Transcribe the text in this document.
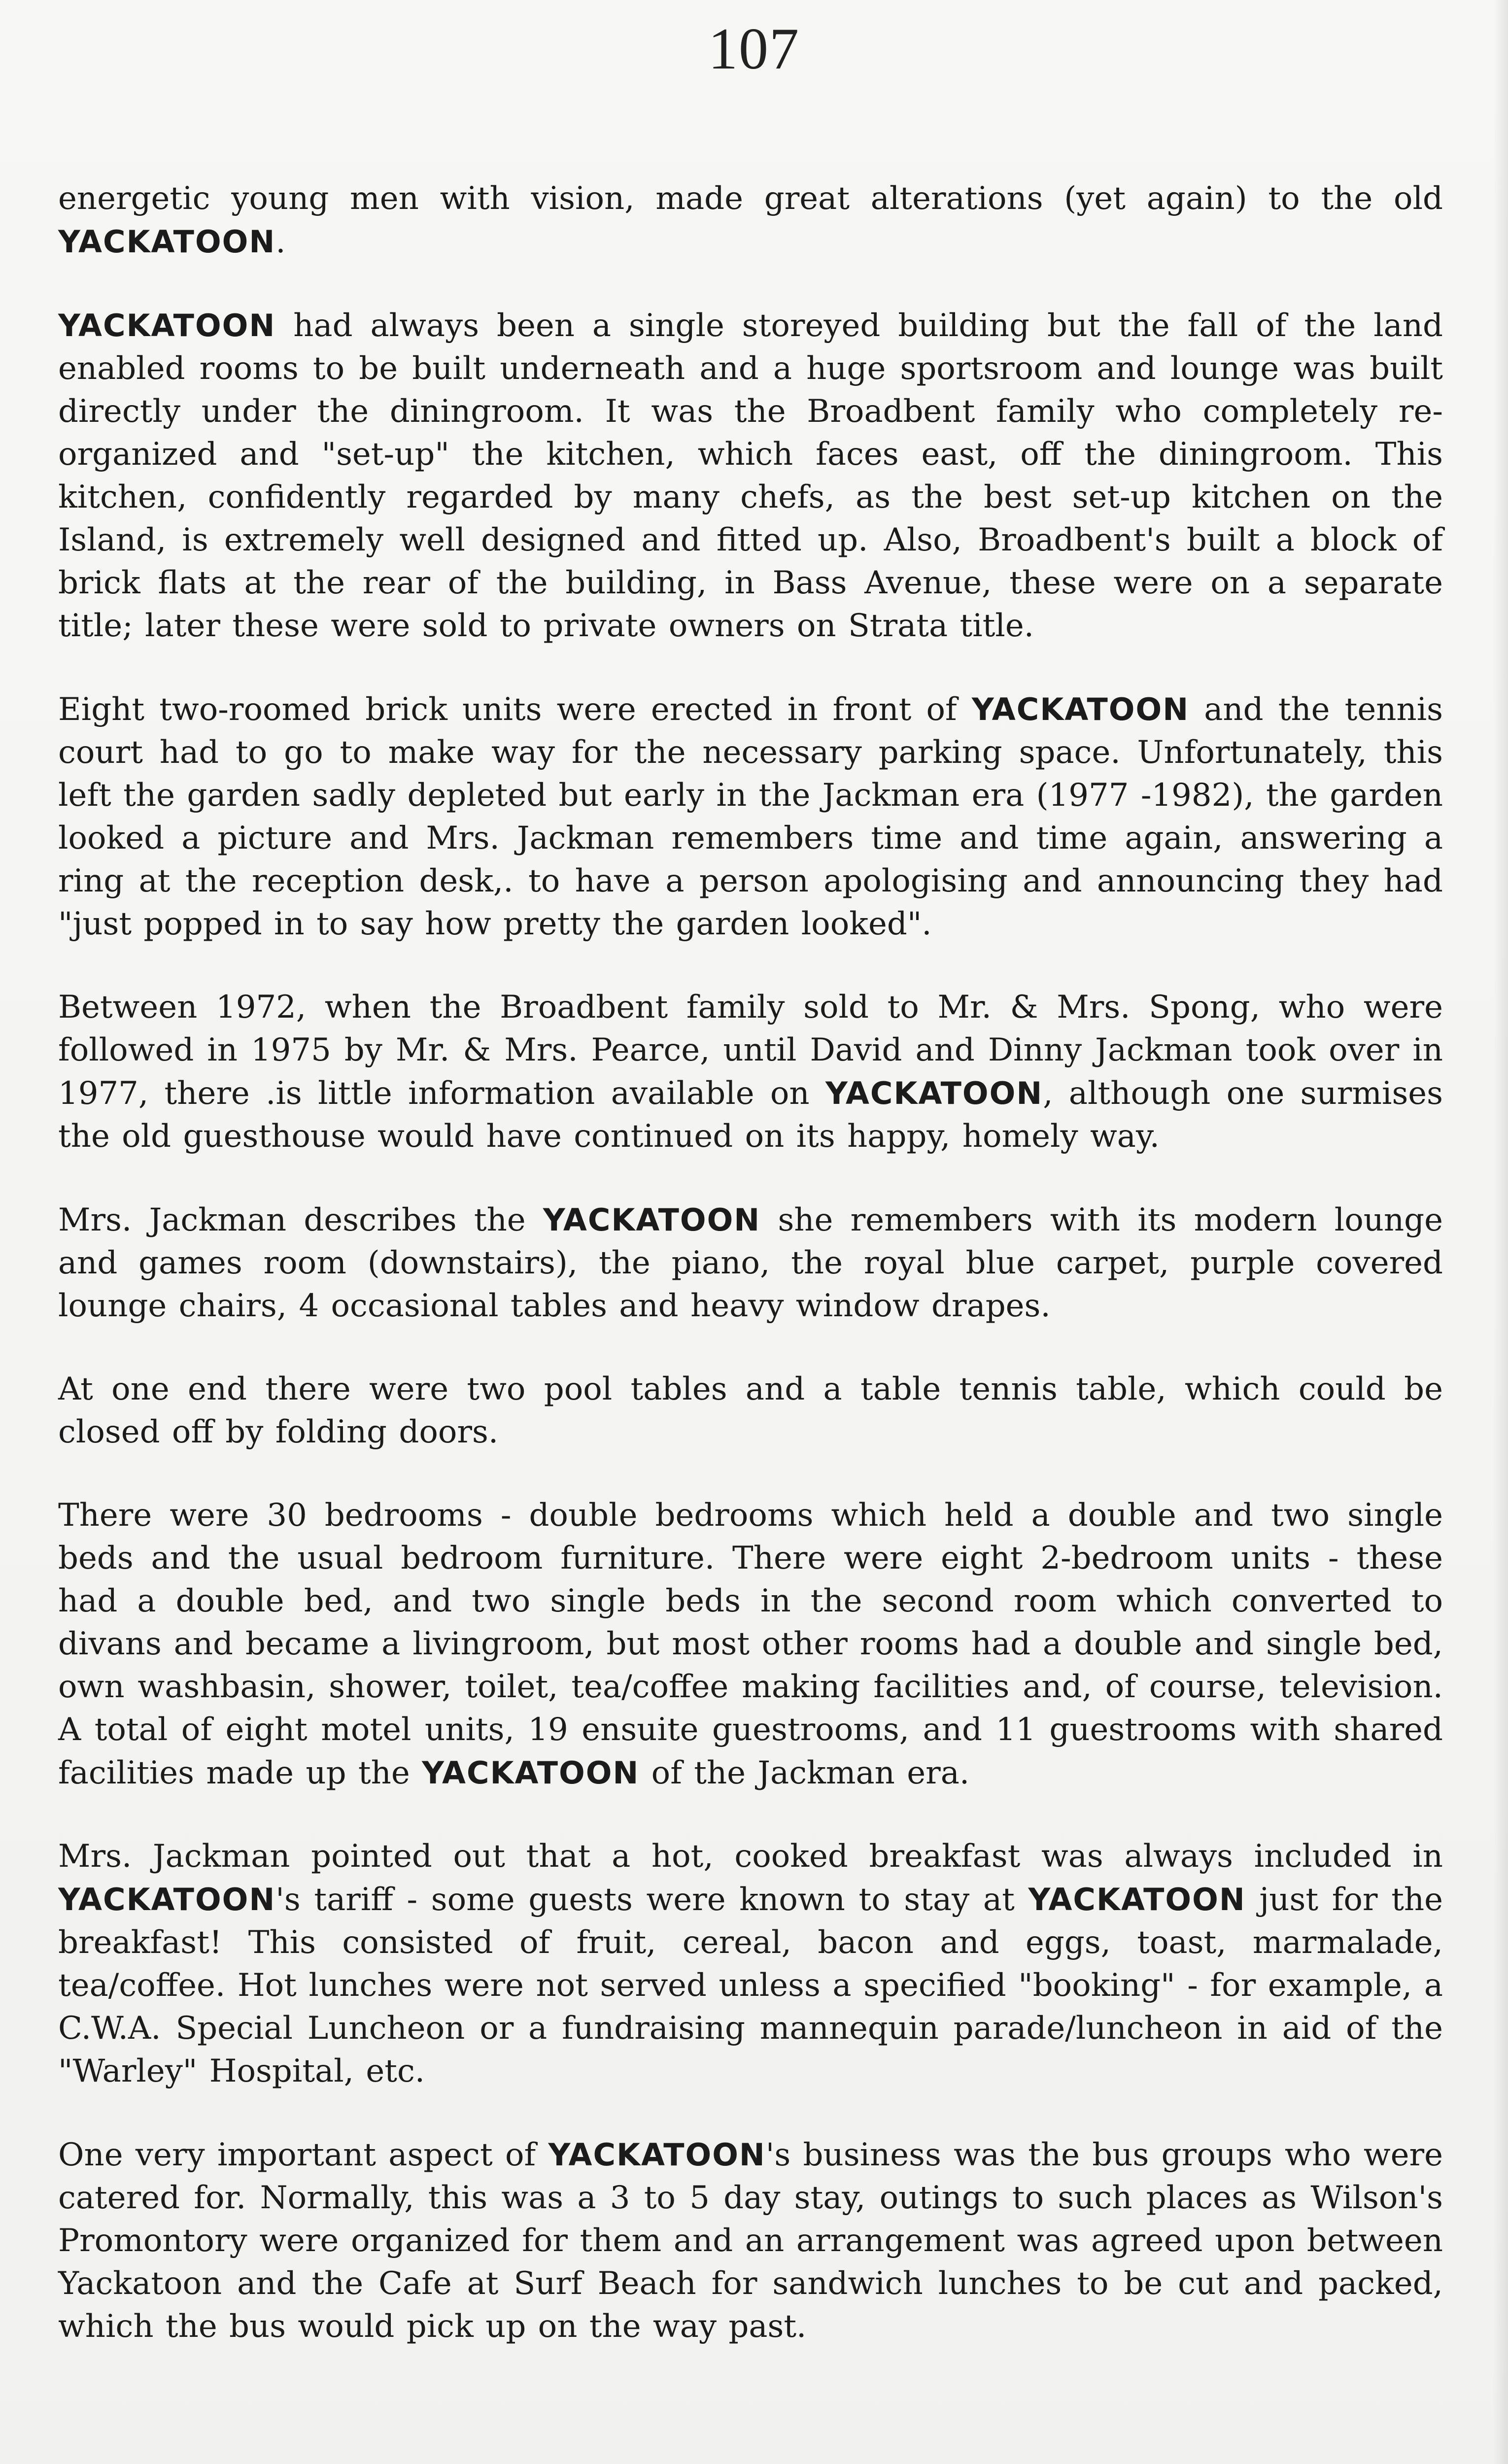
107

energetic young men with vision, made great alterations (yet again) to the old YACKATOON.

YACKATOON had always been a single storeyed building but the fall of the land enabled rooms to be built underneath and a huge sportsroom and lounge was built directly under the diningroom. It was the Broadbent family who completely re-organized and "set-up" the kitchen, which faces east, off the diningroom. This kitchen, confidently regarded by many chefs, as the best set-up kitchen on the Island, is extremely well designed and fitted up. Also, Broadbent's built a block of brick flats at the rear of the building, in Bass Avenue, these were on a separate title; later these were sold to private owners on Strata title.

Eight two-roomed brick units were erected in front of YACKATOON and the tennis court had to go to make way for the necessary parking space. Unfortunately, this left the garden sadly depleted but early in the Jackman era (1977 -1982), the garden looked a picture and Mrs. Jackman remembers time and time again, answering a ring at the reception desk,. to have a person apologising and announcing they had "just popped in to say how pretty the garden looked".

Between 1972, when the Broadbent family sold to Mr. & Mrs. Spong, who were followed in 1975 by Mr. & Mrs. Pearce, until David and Dinny Jackman took over in 1977, there .is little information available on YACKATOON, although one surmises the old guesthouse would have continued on its happy, homely way.

Mrs. Jackman describes the YACKATOON she remembers with its modern lounge and games room (downstairs), the piano, the royal blue carpet, purple covered lounge chairs, 4 occasional tables and heavy window drapes.

At one end there were two pool tables and a table tennis table, which could be closed off by folding doors.

There were 30 bedrooms - double bedrooms which held a double and two single beds and the usual bedroom furniture. There were eight 2-bedroom units - these had a double bed, and two single beds in the second room which converted to divans and became a livingroom, but most other rooms had a double and single bed, own washbasin, shower, toilet, tea/coffee making facilities and, of course, television. A total of eight motel units, 19 ensuite guestrooms, and 11 guestrooms with shared facilities made up the YACKATOON of the Jackman era.

Mrs. Jackman pointed out that a hot, cooked breakfast was always included in YACKATOON's tariff - some guests were known to stay at YACKATOON just for the breakfast! This consisted of fruit, cereal, bacon and eggs, toast, marmalade, tea/coffee. Hot lunches were not served unless a specified "booking" - for example, a C.W.A. Special Luncheon or a fundraising mannequin parade/luncheon in aid of the "Warley" Hospital, etc.

One very important aspect of YACKATOON's business was the bus groups who were catered for. Normally, this was a 3 to 5 day stay, outings to such places as Wilson's Promontory were organized for them and an arrangement was agreed upon between Yackatoon and the Cafe at Surf Beach for sandwich lunches to be cut and packed, which the bus would pick up on the way past.
